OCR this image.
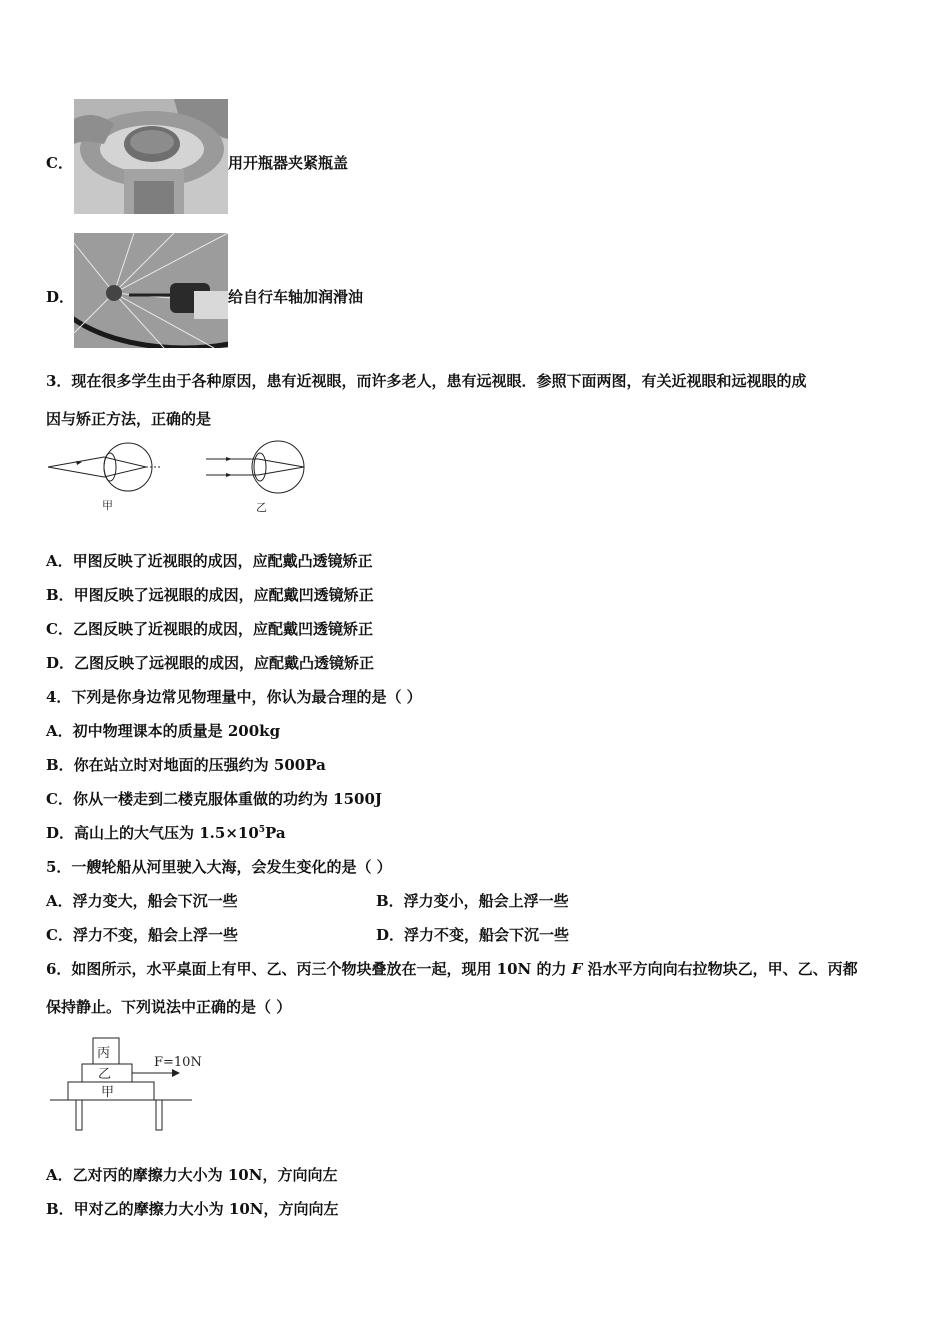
C．	用开瓶器夹紧瓶盖
D．	给自行车轴加润滑油
3．现在很多学生由于各种原因，患有近视眼，而许多老人，患有远视眼．参照下面两图，有关近视眼和远视眼的成
因与矫正方法，正确的是
甲	乙
A．甲图反映了近视眼的成因，应配戴凸透镜矫正
B．甲图反映了远视眼的成因，应配戴凹透镜矫正
C．乙图反映了近视眼的成因，应配戴凹透镜矫正
D．乙图反映了远视眼的成因，应配戴凸透镜矫正
4．下列是你身边常见物理量中，你认为最合理的是（ ）
A．初中物理课本的质量是 200kg
B．你在站立时对地面的压强约为 500Pa
C．你从一楼走到二楼克服体重做的功约为 1500J
D．高山上的大气压为 $1.5\times 10^5Pa$
5．一艘轮船从河里驶入大海，会发生变化的是（ ）
A．浮力变大，船会下沉一些	B．浮力变小，船会上浮一些
C．浮力不变，船会上浮一些	D．浮力不变，船会下沉一些
6．如图所示，水平桌面上有甲、乙、丙三个物块叠放在一起，现用 10N 的力 F 沿水平方向向右拉物块乙，甲、乙、丙都
保持静止。下列说法中正确的是（ ）
丙
乙
甲
F=10N
A．乙对丙的摩擦力大小为 10N，方向向左
B．甲对乙的摩擦力大小为 10N，方向向左
